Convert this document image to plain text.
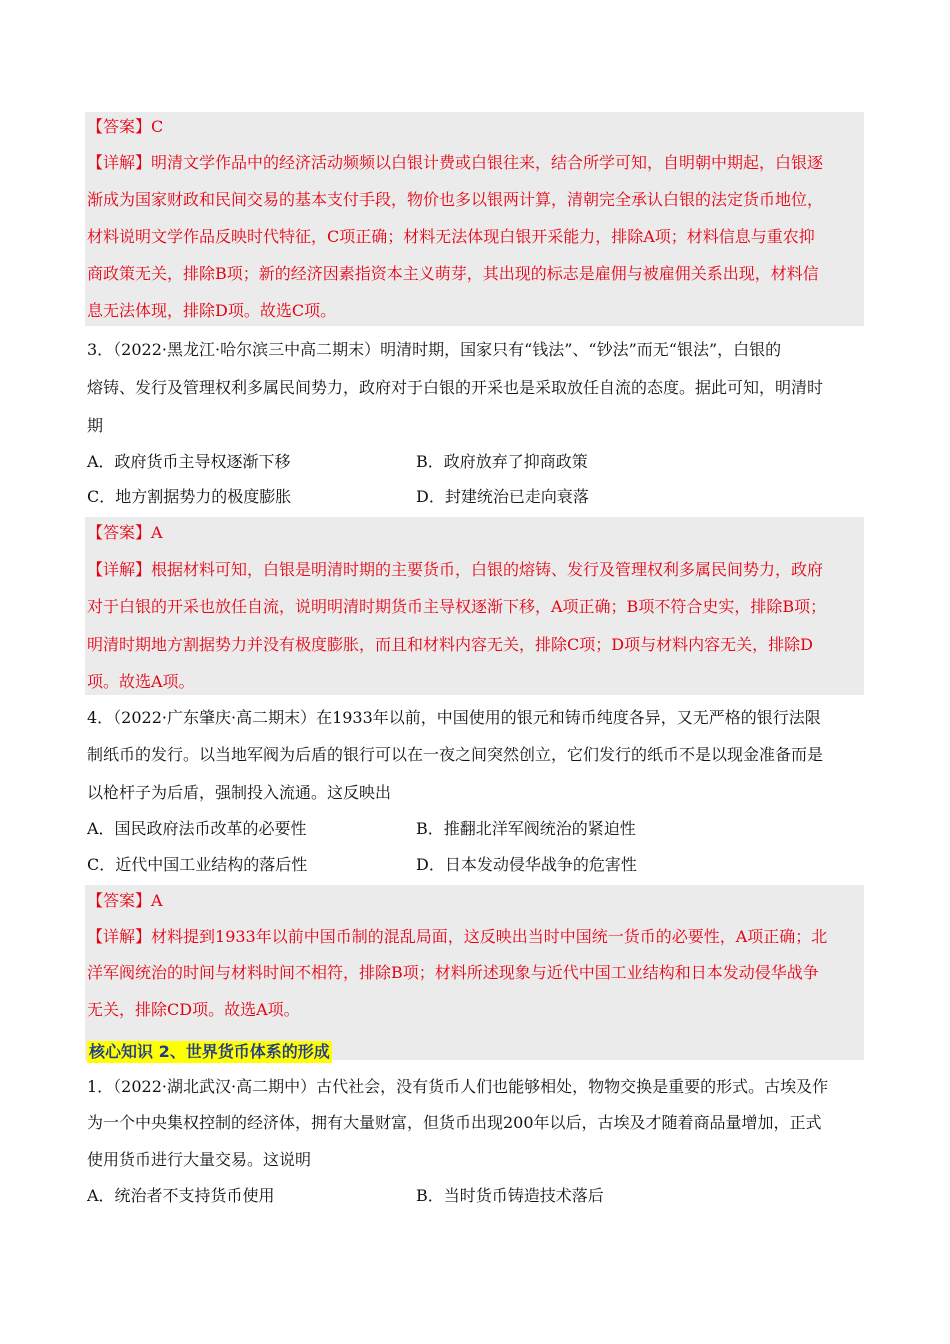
【答案】C
【详解】明清文学作品中的经济活动频频以白银计费或白银往来，结合所学可知，自明朝中期起，白银逐
渐成为国家财政和民间交易的基本支付手段，物价也多以银两计算，清朝完全承认白银的法定货币地位，
材料说明文学作品反映时代特征，C项正确；材料无法体现白银开采能力，排除A项；材料信息与重农抑
商政策无关，排除B项；新的经济因素指资本主义萌芽，其出现的标志是雇佣与被雇佣关系出现，材料信
息无法体现，排除D项。故选C项。
3．（2022·黑龙江·哈尔滨三中高二期末）明清时期，国家只有“钱法”、“钞法”而无“银法”，白银的
熔铸、发行及管理权利多属民间势力，政府对于白银的开采也是采取放任自流的态度。据此可知，明清时
期
A．政府货币主导权逐渐下移	B．政府放弃了抑商政策
C．地方割据势力的极度膨胀	D．封建统治已走向衰落
【答案】A
【详解】根据材料可知，白银是明清时期的主要货币，白银的熔铸、发行及管理权利多属民间势力，政府
对于白银的开采也放任自流，说明明清时期货币主导权逐渐下移，A项正确；B项不符合史实，排除B项；
明清时期地方割据势力并没有极度膨胀，而且和材料内容无关，排除C项；D项与材料内容无关，排除D
项。故选A项。
4．（2022·广东肇庆·高二期末）在1933年以前，中国使用的银元和铸币纯度各异，又无严格的银行法限
制纸币的发行。以当地军阀为后盾的银行可以在一夜之间突然创立，它们发行的纸币不是以现金准备而是
以枪杆子为后盾，强制投入流通。这反映出
A．国民政府法币改革的必要性	B．推翻北洋军阀统治的紧迫性
C．近代中国工业结构的落后性	D．日本发动侵华战争的危害性
【答案】A
【详解】材料提到1933年以前中国币制的混乱局面，这反映出当时中国统一货币的必要性，A项正确；北
洋军阀统治的时间与材料时间不相符，排除B项；材料所述现象与近代中国工业结构和日本发动侵华战争
无关，排除CD项。故选A项。
核心知识 2、世界货币体系的形成
1．（2022·湖北武汉·高二期中）古代社会，没有货币人们也能够相处，物物交换是重要的形式。古埃及作
为一个中央集权控制的经济体，拥有大量财富，但货币出现200年以后，古埃及才随着商品量增加，正式
使用货币进行大量交易。这说明
A．统治者不支持货币使用	B．当时货币铸造技术落后
